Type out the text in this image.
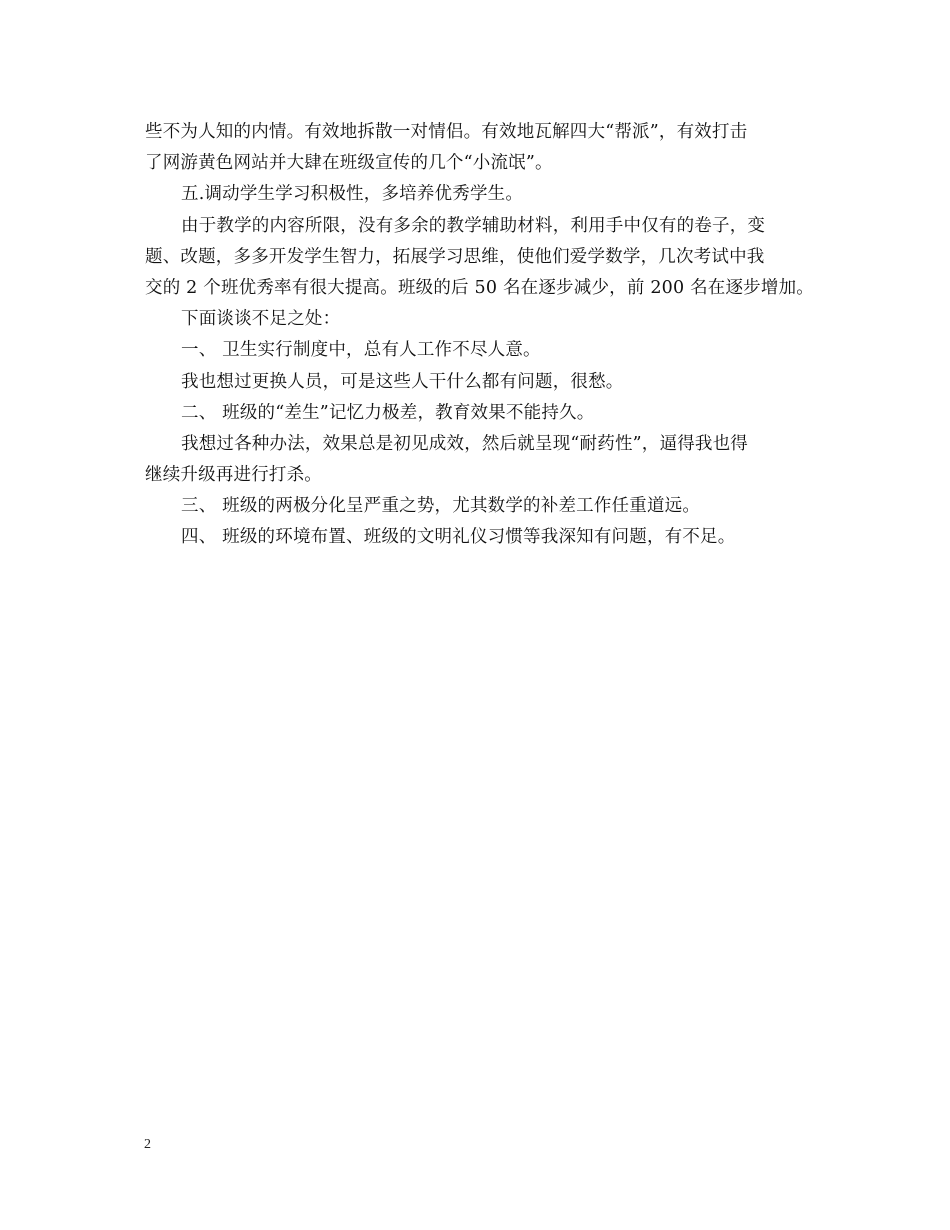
些不为人知的内情。有效地拆散一对情侣。有效地瓦解四大“帮派”，有效打击
了网游黄色网站并大肆在班级宣传的几个“小流氓”。
五.调动学生学习积极性，多培养优秀学生。
由于教学的内容所限，没有多余的教学辅助材料，利用手中仅有的卷子，变
题、改题，多多开发学生智力，拓展学习思维，使他们爱学数学，几次考试中我
交的 2 个班优秀率有很大提高。班级的后 50 名在逐步减少，前 200 名在逐步增加。
下面谈谈不足之处：
一、 卫生实行制度中，总有人工作不尽人意。
我也想过更换人员，可是这些人干什么都有问题，很愁。
二、 班级的“差生”记忆力极差，教育效果不能持久。
我想过各种办法，效果总是初见成效，然后就呈现“耐药性”，逼得我也得
继续升级再进行打杀。
三、 班级的两极分化呈严重之势，尤其数学的补差工作任重道远。
四、 班级的环境布置、班级的文明礼仪习惯等我深知有问题，有不足。
2
